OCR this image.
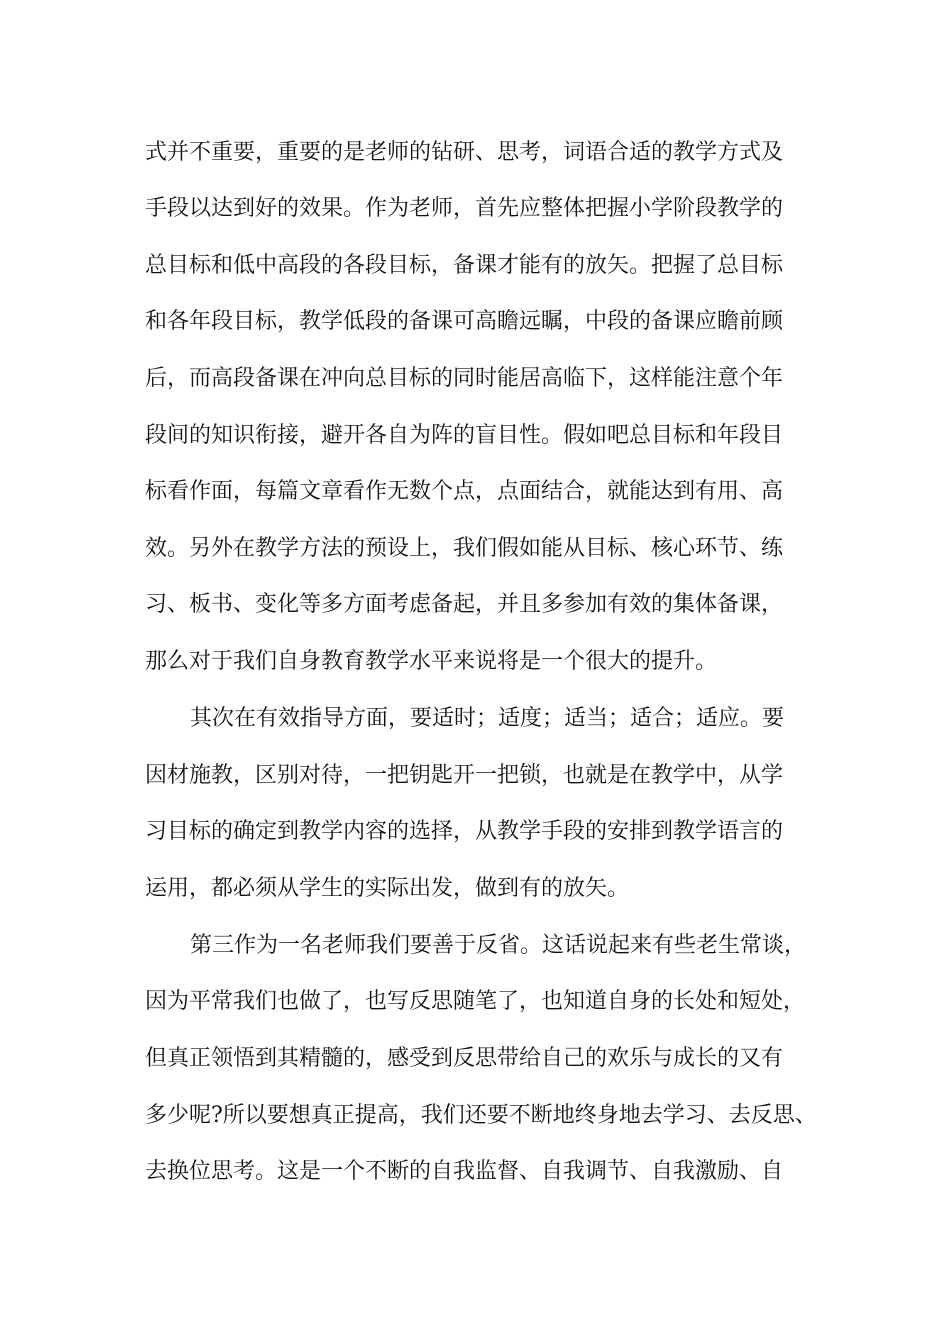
式并不重要，重要的是老师的钻研、思考，词语合适的教学方式及
手段以达到好的效果。作为老师，首先应整体把握小学阶段教学的
总目标和低中高段的各段目标，备课才能有的放矢。把握了总目标
和各年段目标，教学低段的备课可高瞻远瞩，中段的备课应瞻前顾
后，而高段备课在冲向总目标的同时能居高临下，这样能注意个年
段间的知识衔接，避开各自为阵的盲目性。假如吧总目标和年段目
标看作面，每篇文章看作无数个点，点面结合，就能达到有用、高
效。另外在教学方法的预设上，我们假如能从目标、核心环节、练
习、板书、变化等多方面考虑备起，并且多参加有效的集体备课，
那么对于我们自身教育教学水平来说将是一个很大的提升。
其次在有效指导方面，要适时；适度；适当；适合；适应。要
因材施教，区别对待，一把钥匙开一把锁，也就是在教学中，从学
习目标的确定到教学内容的选择，从教学手段的安排到教学语言的
运用，都必须从学生的实际出发，做到有的放矢。
第三作为一名老师我们要善于反省。这话说起来有些老生常谈，
因为平常我们也做了，也写反思随笔了，也知道自身的长处和短处，
但真正领悟到其精髓的，感受到反思带给自己的欢乐与成长的又有
多少呢?所以要想真正提高，我们还要不断地终身地去学习、去反思、
去换位思考。这是一个不断的自我监督、自我调节、自我激励、自
